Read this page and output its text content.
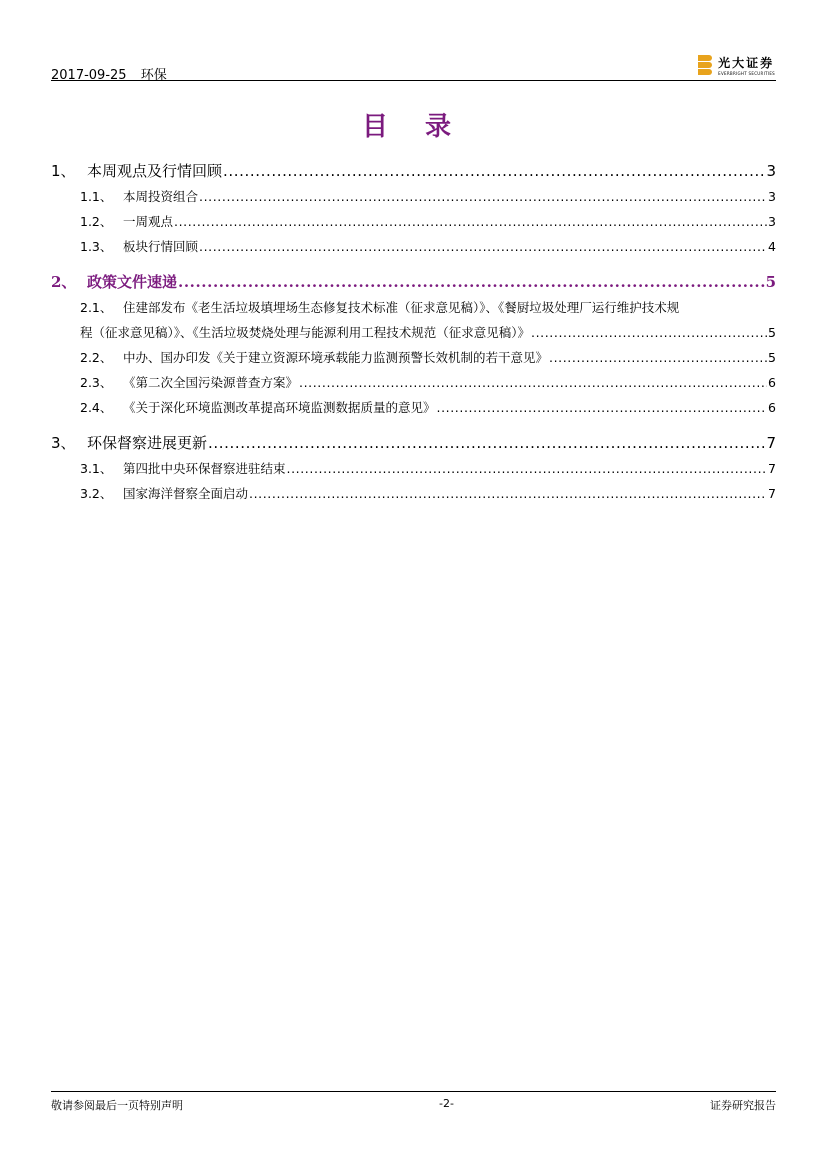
2017-09-25 环保
光大证券
EVERBRIGHT SECURITIES
目 录
1、 本周观点及行情回顾 .....	3
1.1、 本周投资组合 .....	3
1.2、 一周观点 .....	3
1.3、 板块行情回顾 .....	4
2、 政策文件速递 .....	5
2.1、 住建部发布《老生活垃圾填埋场生态修复技术标准（征求意见稿）》、《餐厨垃圾处理厂运行维护技术规
程（征求意见稿）》、《生活垃圾焚烧处理与能源利用工程技术规范（征求意见稿）》 .....	5
2.2、 中办、国办印发《关于建立资源环境承载能力监测预警长效机制的若干意见》 .....	5
2.3、 《第二次全国污染源普查方案》 .....	6
2.4、 《关于深化环境监测改革提高环境监测数据质量的意见》 .....	6
3、 环保督察进展更新 .....	7
3.1、 第四批中央环保督察进驻结束 .....	7
3.2、 国家海洋督察全面启动 .....	7
敬请参阅最后一页特别声明	-2-	证券研究报告
